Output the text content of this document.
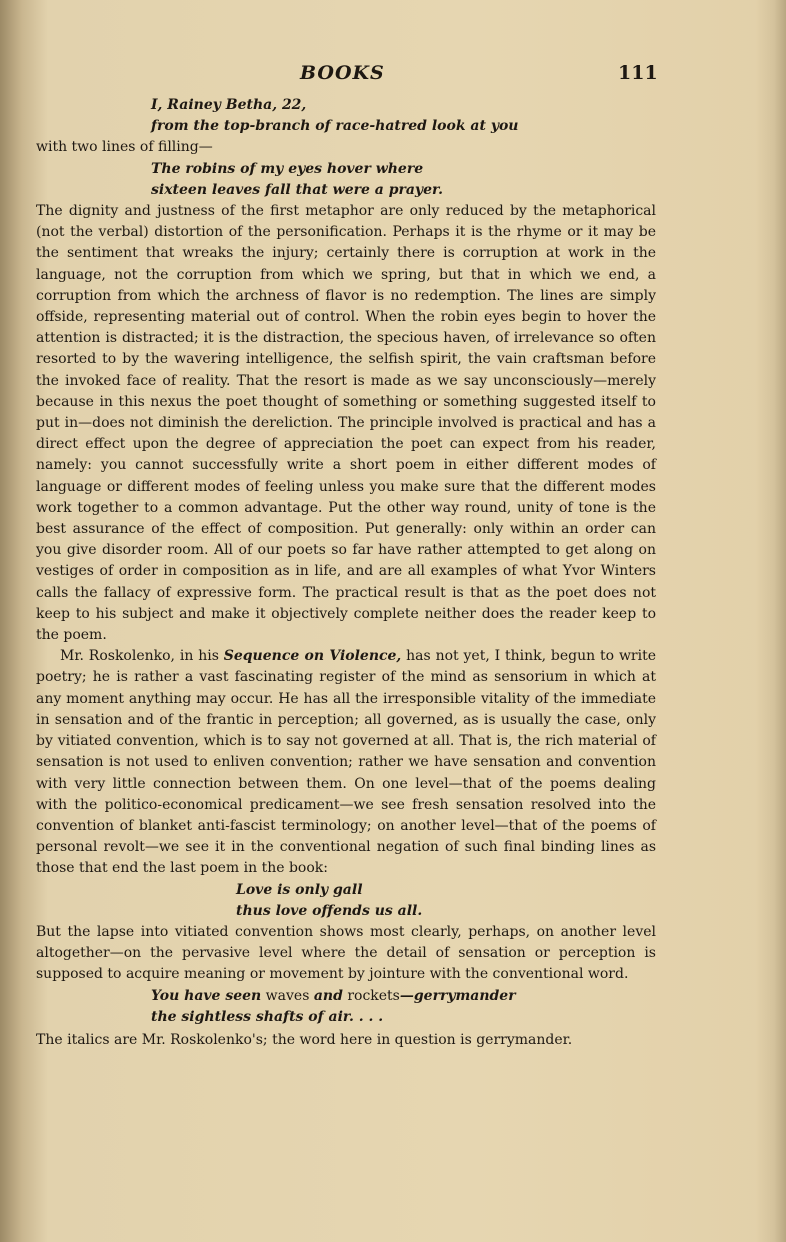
BOOKS	111
I, Rainey Betha, 22,
from the top-branch of race-hatred look at you
with two lines of filling—
The robins of my eyes hover where
sixteen leaves fall that were a prayer.

The dignity and justness of the first metaphor are only reduced by the metaphorical (not the verbal) distortion of the personification. Perhaps it is the rhyme or it may be the sentiment that wreaks the injury; certainly there is corruption at work in the language, not the corruption from which we spring, but that in which we end, a corruption from which the archness of flavor is no redemption. The lines are simply offside, representing material out of control. When the robin eyes begin to hover the attention is distracted; it is the distraction, the specious haven, of irrelevance so often resorted to by the wavering intelligence, the selfish spirit, the vain craftsman before the invoked face of reality. That the resort is made as we say unconsciously—merely because in this nexus the poet thought of something or something suggested itself to put in—does not diminish the dereliction. The principle involved is practical and has a direct effect upon the degree of appreciation the poet can expect from his reader, namely: you cannot successfully write a short poem in either different modes of language or different modes of feeling unless you make sure that the different modes work together to a common advantage. Put the other way round, unity of tone is the best assurance of the effect of composition. Put generally: only within an order can you give disorder room. All of our poets so far have rather attempted to get along on vestiges of order in composition as in life, and are all examples of what Yvor Winters calls the fallacy of expressive form. The practical result is that as the poet does not keep to his subject and make it objectively complete neither does the reader keep to the poem.

Mr. Roskolenko, in his Sequence on Violence, has not yet, I think, begun to write poetry; he is rather a vast fascinating register of the mind as sensorium in which at any moment anything may occur. He has all the irresponsible vitality of the immediate in sensation and of the frantic in perception; all governed, as is usually the case, only by vitiated convention, which is to say not governed at all. That is, the rich material of sensation is not used to enliven convention; rather we have sensation and convention with very little connection between them. On one level—that of the poems dealing with the politico-economical predicament—we see fresh sensation resolved into the convention of blanket anti-fascist terminology; on another level—that of the poems of personal revolt—we see it in the conventional negation of such final binding lines as those that end the last poem in the book:

Love is only gall
thus love offends us all.

But the lapse into vitiated convention shows most clearly, perhaps, on another level altogether—on the pervasive level where the detail of sensation or perception is supposed to acquire meaning or movement by jointure with the conventional word.

You have seen waves and rockets—gerrymander
the sightless shafts of air. . . .

The italics are Mr. Roskolenko's; the word here in question is gerrymander.
